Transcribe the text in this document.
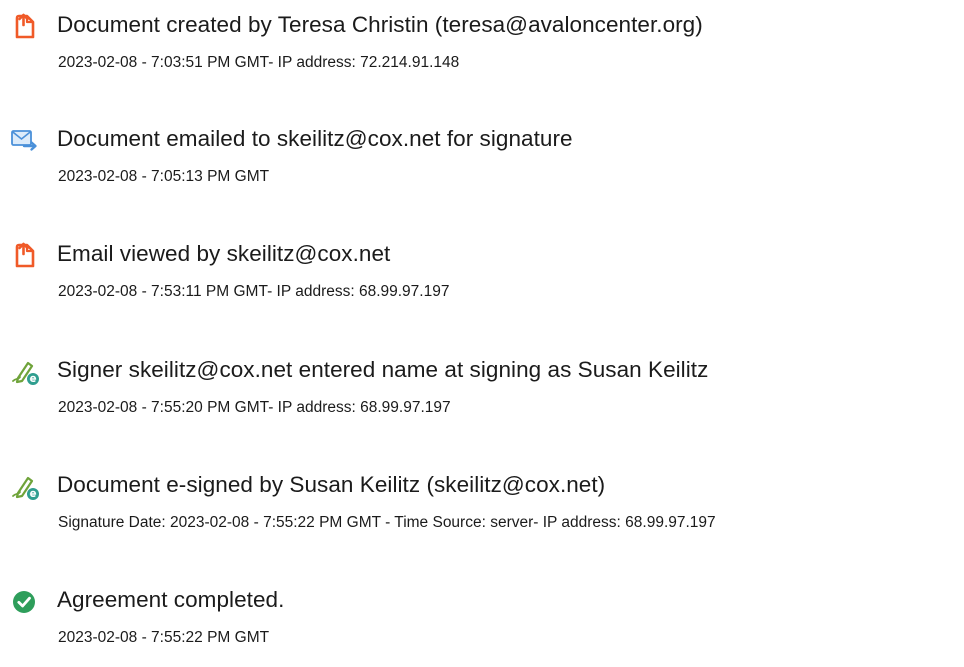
Document created by Teresa Christin (teresa@avaloncenter.org)
2023-02-08 - 7:03:51 PM GMT- IP address: 72.214.91.148
Document emailed to skeilitz@cox.net for signature
2023-02-08 - 7:05:13 PM GMT
Email viewed by skeilitz@cox.net
2023-02-08 - 7:53:11 PM GMT- IP address: 68.99.97.197
Signer skeilitz@cox.net entered name at signing as Susan Keilitz
2023-02-08 - 7:55:20 PM GMT- IP address: 68.99.97.197
Document e-signed by Susan Keilitz (skeilitz@cox.net)
Signature Date: 2023-02-08 - 7:55:22 PM GMT - Time Source: server- IP address: 68.99.97.197
Agreement completed.
2023-02-08 - 7:55:22 PM GMT
